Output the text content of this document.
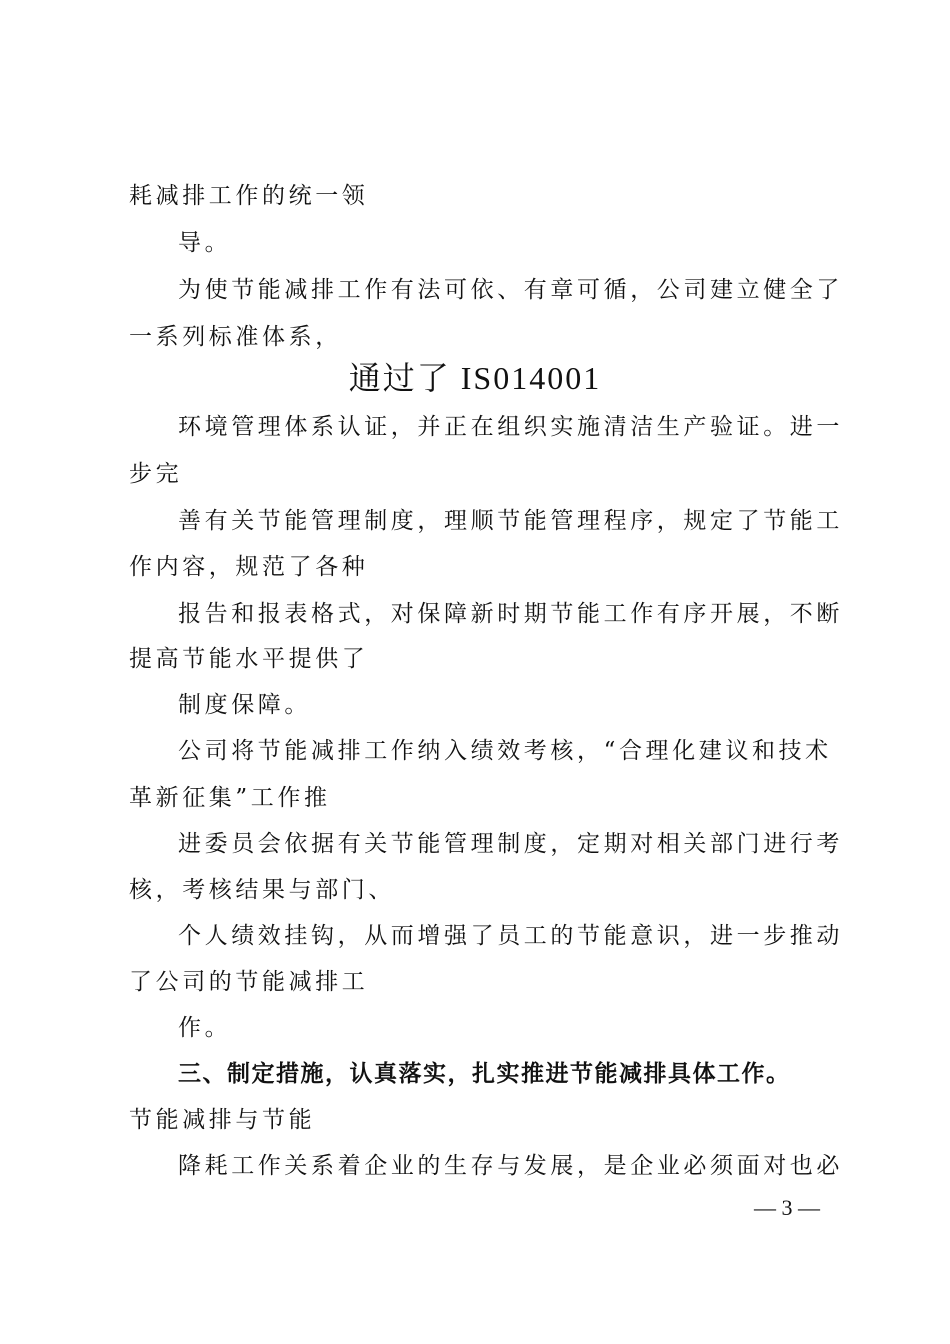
耗减排工作的统一领
导。
为使节能减排工作有法可依、有章可循，公司建立健全了
一系列标准体系，
通过了 IS014001
环境管理体系认证，并正在组织实施清洁生产验证。进一
步完
善有关节能管理制度，理顺节能管理程序，规定了节能工
作内容，规范了各种
报告和报表格式，对保障新时期节能工作有序开展，不断
提高节能水平提供了
制度保障。
公司将节能减排工作纳入绩效考核，“合理化建议和技术
革新征集”工作推
进委员会依据有关节能管理制度，定期对相关部门进行考
核，考核结果与部门、
个人绩效挂钩，从而增强了员工的节能意识，进一步推动
了公司的节能减排工
作。
三、制定措施，认真落实，扎实推进节能减排具体工作。
节能减排与节能
降耗工作关系着企业的生存与发展，是企业必须面对也必
— 3 —
